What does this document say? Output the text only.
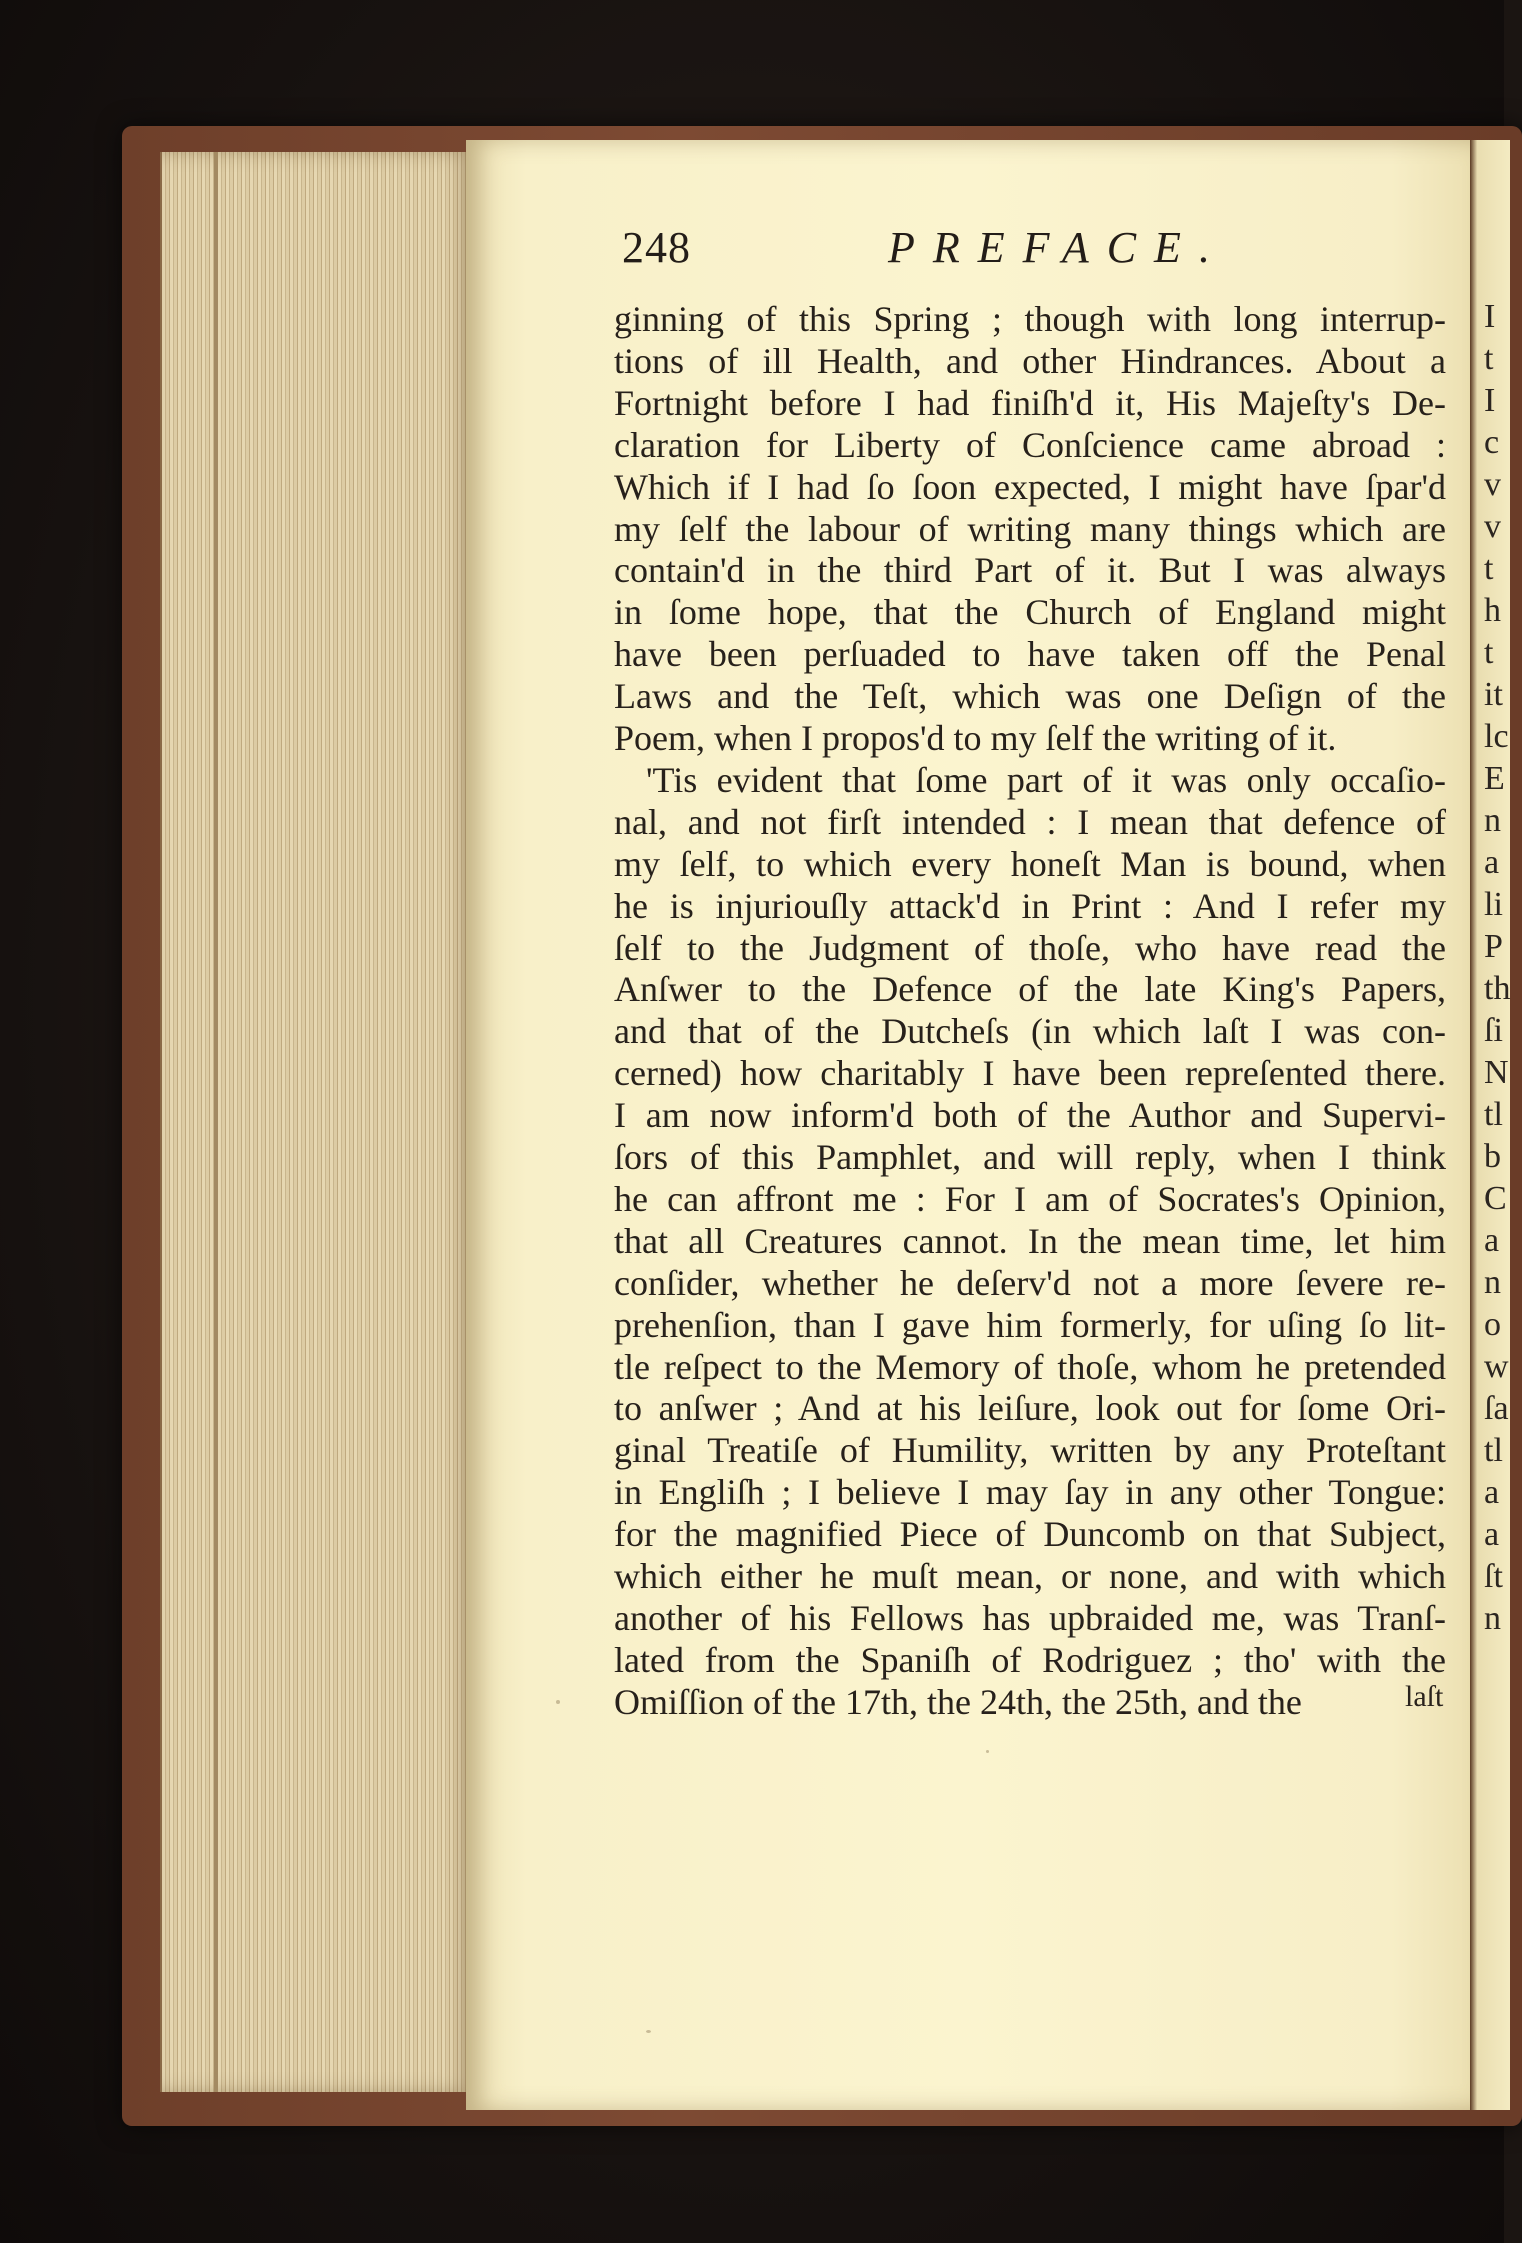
I
t
I
c
v
v
t
h
t
it
lc
E
n
a
li
P
th
ſi
N
tl
b
C
a
n
o
w
ſa
tl
a
a
ſt
n
248	PREFACE.
ginning of this Spring ; though with long interrup-
tions of ill Health, and other Hindrances. About a
Fortnight before I had finiſh'd it, His Majeſty's De-
claration for Liberty of Conſcience came abroad :
Which if I had ſo ſoon expected, I might have ſpar'd
my ſelf the labour of writing many things which are
contain'd in the third Part of it. But I was always
in ſome hope, that the Church of England might
have been perſuaded to have taken off the Penal
Laws and the Teſt, which was one Deſign of the
Poem, when I propos'd to my ſelf the writing of it.
'Tis evident that ſome part of it was only occaſio-
nal, and not firſt intended : I mean that defence of
my ſelf, to which every honeſt Man is bound, when
he is injuriouſly attack'd in Print : And I refer my
ſelf to the Judgment of thoſe, who have read the
Anſwer to the Defence of the late King's Papers,
and that of the Dutcheſs (in which laſt I was con-
cerned) how charitably I have been repreſented there.
I am now inform'd both of the Author and Supervi-
ſors of this Pamphlet, and will reply, when I think
he can affront me : For I am of Socrates's Opinion,
that all Creatures cannot. In the mean time, let him
conſider, whether he deſerv'd not a more ſevere re-
prehenſion, than I gave him formerly, for uſing ſo lit-
tle reſpect to the Memory of thoſe, whom he pretended
to anſwer ; And at his leiſure, look out for ſome Ori-
ginal Treatiſe of Humility, written by any Proteſtant
in Engliſh ; I believe I may ſay in any other Tongue:
for the magnified Piece of Duncomb on that Subject,
which either he muſt mean, or none, and with which
another of his Fellows has upbraided me, was Tranſ-
lated from the Spaniſh of Rodriguez ; tho' with the
Omiſſion of the 17th, the 24th, the 25th, and the	laſt
